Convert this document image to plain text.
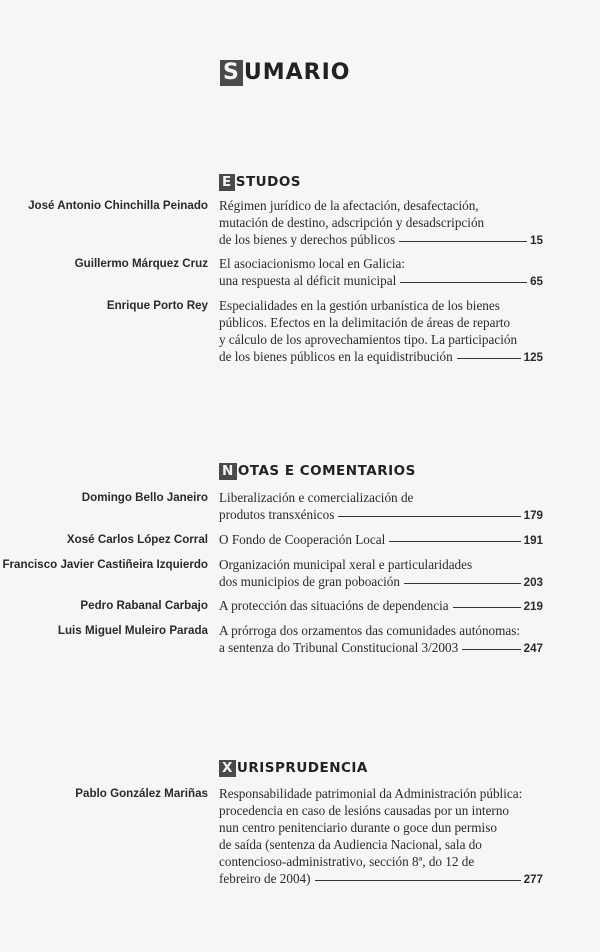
S UMARIO
E STUDOS
José Antonio Chinchilla Peinado Régimen jurídico de la afectación, desafectación,
mutación de destino, adscripción y desadscripción
de los bienes y derechos públicos	15
Guillermo Márquez Cruz El asociacionismo local en Galicia:
una respuesta al déficit municipal	65
Enrique Porto Rey Especialidades en la gestión urbanística de los bienes
públicos. Efectos en la delimitación de áreas de reparto
y cálculo de los aprovechamientos tipo. La participación
de los bienes públicos en la equidistribución	125
N OTAS E COMENTARIOS
Domingo Bello Janeiro Liberalización e comercialización de
produtos transxénicos	179
Xosé Carlos López Corral O Fondo de Cooperación Local	191
Francisco Javier Castiñeira Izquierdo Organización municipal xeral e particularidades
dos municipios de gran poboación	203
Pedro Rabanal Carbajo A protección das situacións de dependencia	219
Luis Miguel Muleiro Parada A prórroga dos orzamentos das comunidades autónomas:
a sentenza do Tribunal Constitucional 3/2003	247
X URISPRUDENCIA
Pablo González Mariñas Responsabilidade patrimonial da Administración pública:
procedencia en caso de lesións causadas por un interno
nun centro penitenciario durante o goce dun permiso
de saída (sentenza da Audiencia Nacional, sala do
contencioso-administrativo, sección 8ª, do 12 de
febreiro de 2004)	277
